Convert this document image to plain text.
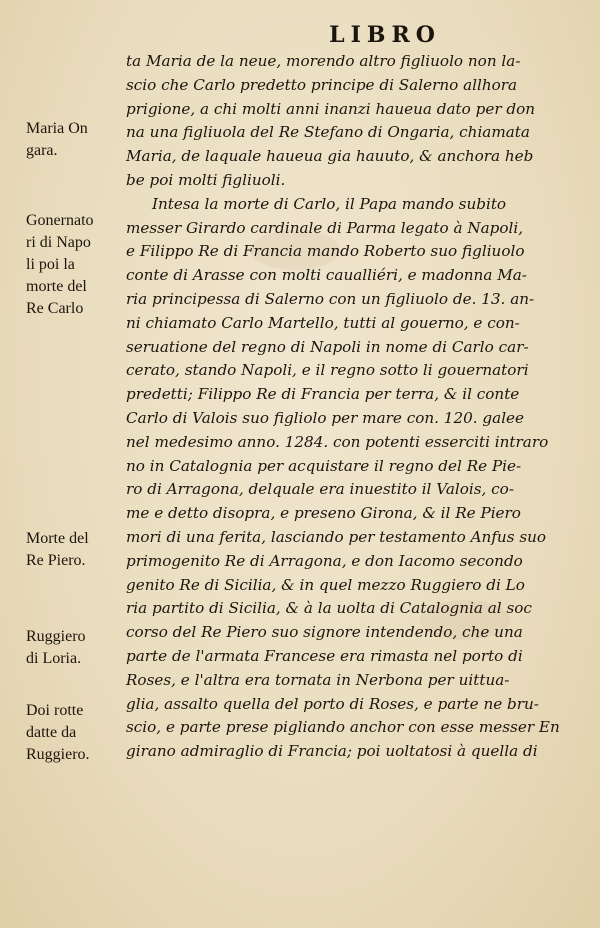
LIBRO
Maria On
gara.
Gonernato
ri di Napo
li poi la
morte del
Re Carlo
Morte del
Re Piero.
Ruggiero
di Loria.
Doi rotte
datte da
Ruggiero.
ta Maria de la neue, morendo altro figliuolo non la-
scio che Carlo predetto principe di Salerno allhora
prigione, a chi molti anni inanzi haueua dato per don
na una figliuola del Re Stefano di Ongaria, chiamata
Maria, de laquale haueua gia hauuto, & anchora heb
be poi molti figliuoli.
Intesa la morte di Carlo, il Papa mando subito
messer Girardo cardinale di Parma legato à Napoli,
e Filippo Re di Francia mando Roberto suo figliuolo
conte di Arasse con molti caualliéri, e madonna Ma-
ria principessa di Salerno con un figliuolo de. 13. an-
ni chiamato Carlo Martello, tutti al gouerno, e con-
seruatione del regno di Napoli in nome di Carlo car-
cerato, stando Napoli, e il regno sotto li gouernatori
predetti; Filippo Re di Francia per terra, & il conte
Carlo di Valois suo figliolo per mare con. 120. galee
nel medesimo anno. 1284. con potenti esserciti intraro
no in Catalognia per acquistare il regno del Re Pie-
ro di Arragona, delquale era inuestito il Valois, co-
me e detto disopra, e preseno Girona, & il Re Piero
mori di una ferita, lasciando per testamento Anfus suo
primogenito Re di Arragona, e don Iacomo secondo
genito Re di Sicilia, & in quel mezzo Ruggiero di Lo
ria partito di Sicilia, & à la uolta di Catalognia al soc
corso del Re Piero suo signore intendendo, che una
parte de l'armata Francese era rimasta nel porto di
Roses, e l'altra era tornata in Nerbona per uittua-
glia, assalto quella del porto di Roses, e parte ne bru-
scio, e parte prese pigliando anchor con esse messer En
girano admiraglio di Francia; poi uoltatosi à quella di
